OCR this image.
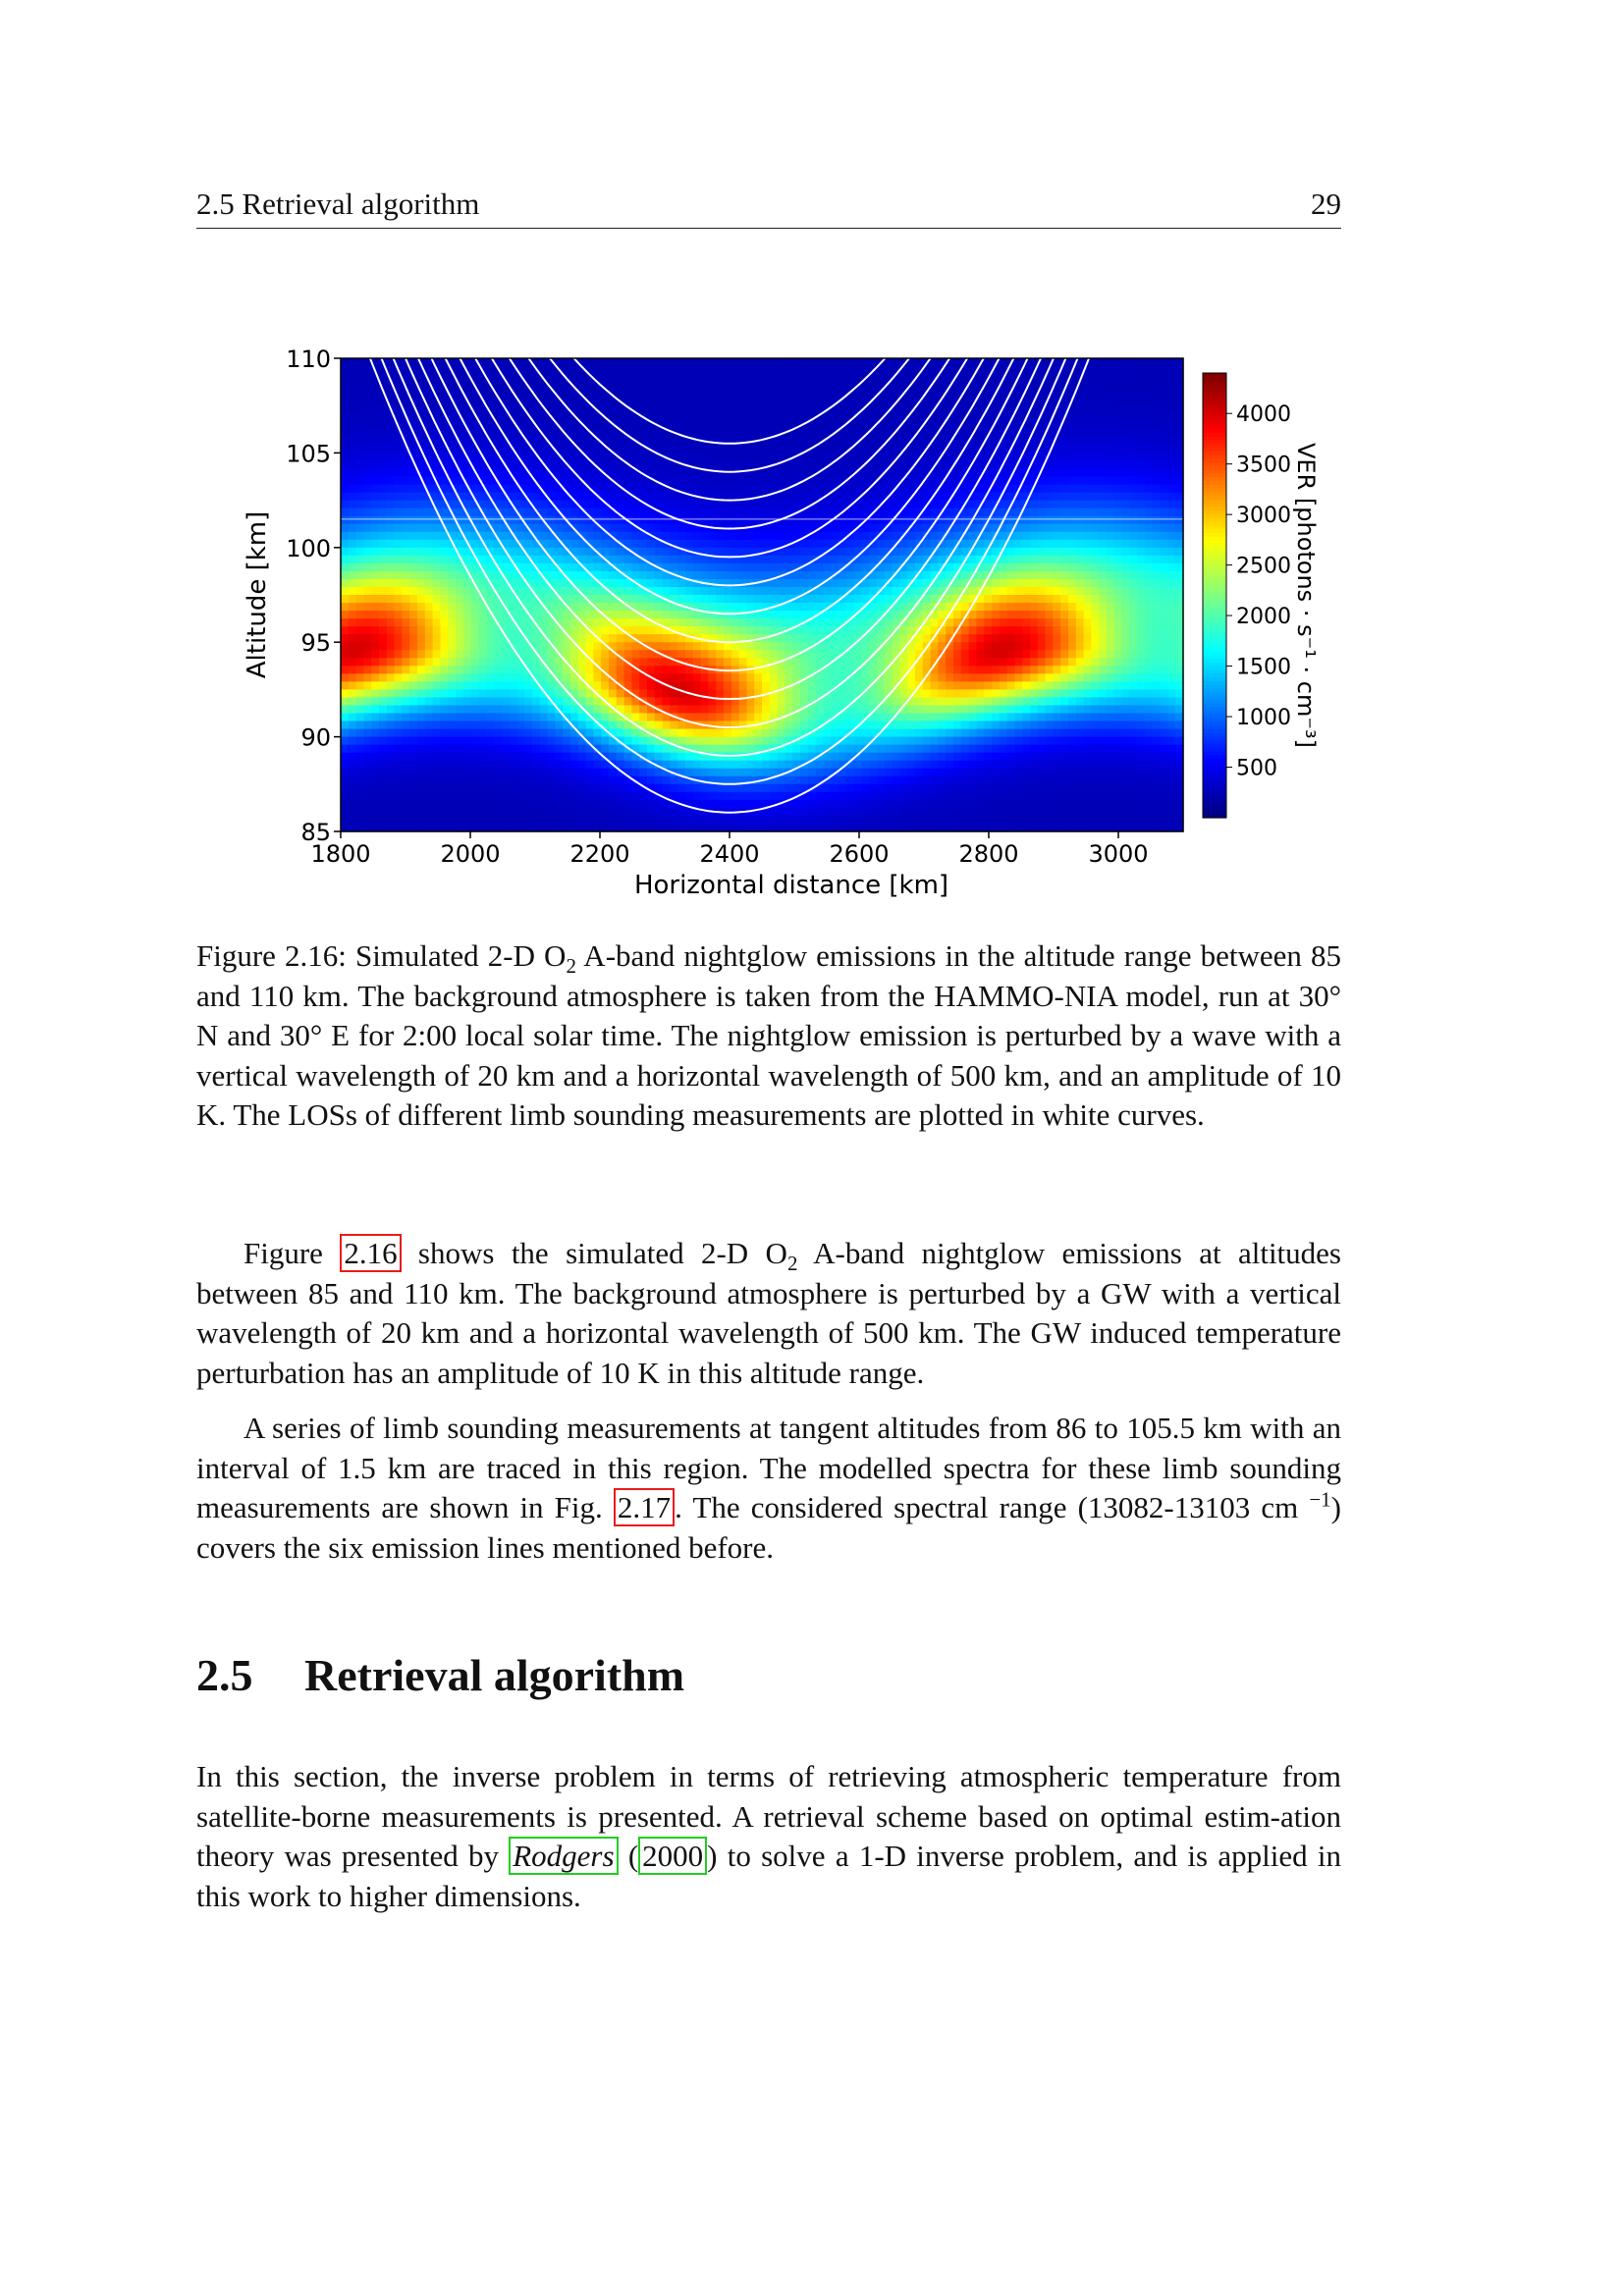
2.5 Retrieval algorithm	29
1800	2000	2200	2400	2600	2800	3000
85
90
95
100
105
110
Horizontal distance [km]
Altitude [km]
500
1000
1500
2000
2500
3000
3500
4000
VER [photons · s⁻¹ · cm⁻³]
Figure 2.16: Simulated 2-D $O_2$ A-band nightglow emissions in the altitude range between 85 and 110 km. The background atmosphere is taken from the HAMMO-NIA model, run at 30° N and 30° E for 2:00 local solar time. The nightglow emission is perturbed by a wave with a vertical wavelength of 20 km and a horizontal wavelength of 500 km, and an amplitude of 10 K. The LOSs of different limb sounding measurements are plotted in white curves.
Figure 2.16 shows the simulated 2-D $O_2$ A-band nightglow emissions at altitudes between 85 and 110 km. The background atmosphere is perturbed by a GW with a vertical wavelength of 20 km and a horizontal wavelength of 500 km. The GW induced temperature perturbation has an amplitude of 10 K in this altitude range.
A series of limb sounding measurements at tangent altitudes from 86 to 105.5 km with an interval of 1.5 km are traced in this region. The modelled spectra for these limb sounding measurements are shown in Fig. 2.17 . The considered spectral range (13082-13103 cm $^{-1}$) covers the six emission lines mentioned before.
2.5 Retrieval algorithm
In this section, the inverse problem in terms of retrieving atmospheric temperature from satellite-borne measurements is presented. A retrieval scheme based on optimal estim-ation theory was presented by Rodgers ( 2000 ) to solve a 1-D inverse problem, and is applied in this work to higher dimensions.
